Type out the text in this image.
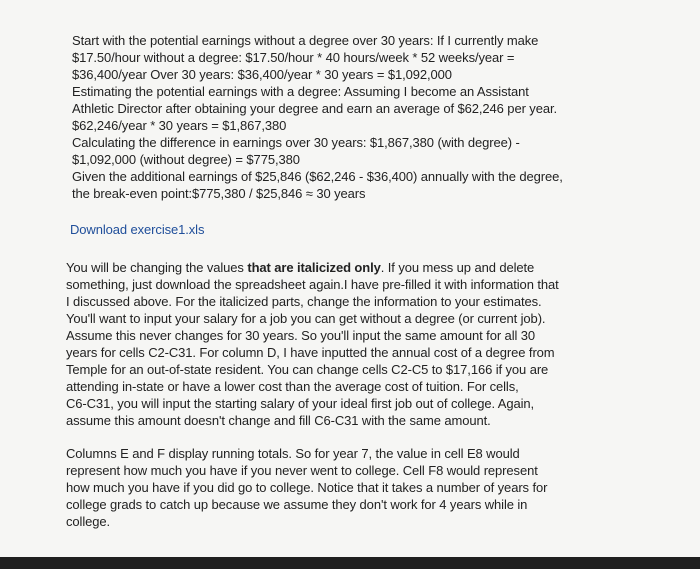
Start with the potential earnings without a degree over 30 years: If I currently make
$17.50/hour without a degree: $17.50/hour * 40 hours/week * 52 weeks/year =
$36,400/year Over 30 years: $36,400/year * 30 years = $1,092,000
Estimating the potential earnings with a degree: Assuming I become an Assistant
Athletic Director after obtaining your degree and earn an average of $62,246 per year.
$62,246/year * 30 years = $1,867,380
Calculating the difference in earnings over 30 years: $1,867,380 (with degree) -
$1,092,000 (without degree) = $775,380
Given the additional earnings of $25,846 ($62,246 - $36,400) annually with the degree,
the break-even point:$775,380 / $25,846 ≈ 30 years
Download exercise1.xls
You will be changing the values that are italicized only. If you mess up and delete
something, just download the spreadsheet again.I have pre-filled it with information that
I discussed above. For the italicized parts, change the information to your estimates.
You'll want to input your salary for a job you can get without a degree (or current job).
Assume this never changes for 30 years. So you'll input the same amount for all 30
years for cells C2-C31. For column D, I have inputted the annual cost of a degree from
Temple for an out-of-state resident. You can change cells C2-C5 to $17,166 if you are
attending in-state or have a lower cost than the average cost of tuition. For cells,
C6-C31, you will input the starting salary of your ideal first job out of college. Again,
assume this amount doesn't change and fill C6-C31 with the same amount.
Columns E and F display running totals. So for year 7, the value in cell E8 would
represent how much you have if you never went to college. Cell F8 would represent
how much you have if you did go to college. Notice that it takes a number of years for
college grads to catch up because we assume they don't work for 4 years while in
college.
